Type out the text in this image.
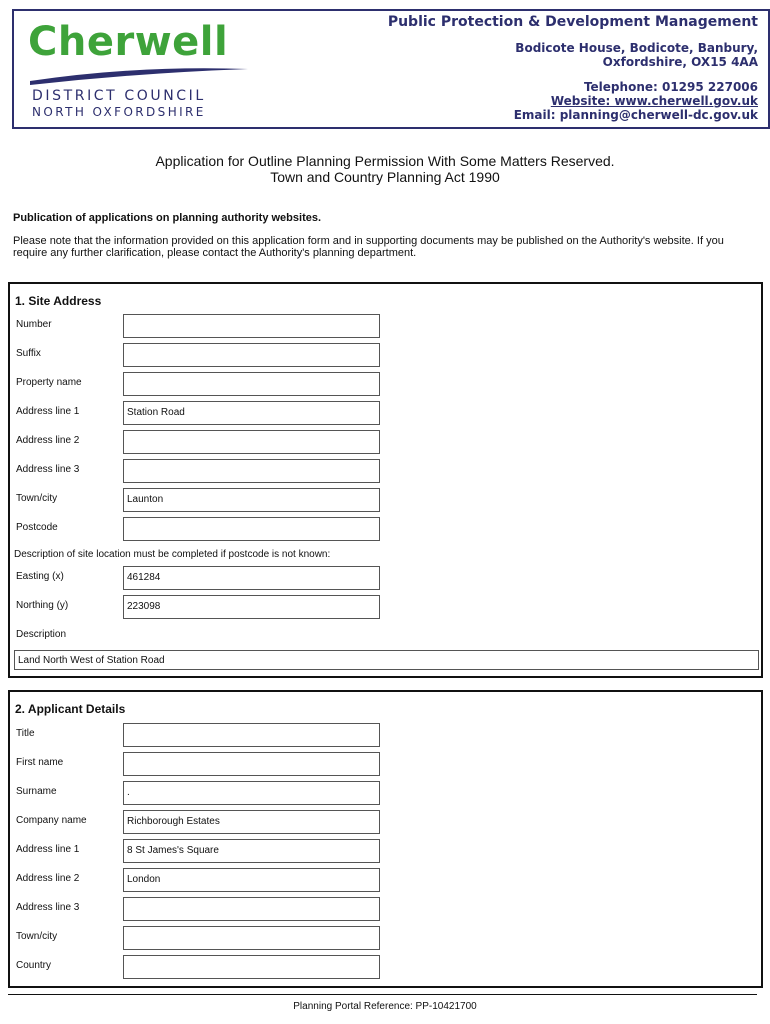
Cherwell
DISTRICT COUNCIL
NORTH OXFORDSHIRE
Public Protection & Development Management
Bodicote House, Bodicote, Banbury,
Oxfordshire, OX15 4AA
Telephone: 01295 227006
Website: www.cherwell.gov.uk
Email: planning@cherwell-dc.gov.uk
Application for Outline Planning Permission With Some Matters Reserved.
Town and Country Planning Act 1990
Publication of applications on planning authority websites.
Please note that the information provided on this application form and in supporting documents may be published on the Authority's website. If you require any further clarification, please contact the Authority's planning department.
1. Site Address
Number
Suffix
Property name
Address line 1	Station Road
Address line 2
Address line 3
Town/city	Launton
Postcode
Description of site location must be completed if postcode is not known:
Easting (x)	461284
Northing (y)	223098
Description
Land North West of Station Road
2. Applicant Details
Title
First name
Surname	.
Company name	Richborough Estates
Address line 1	8 St James's Square
Address line 2	London
Address line 3
Town/city
Country
Planning Portal Reference: PP-10421700
